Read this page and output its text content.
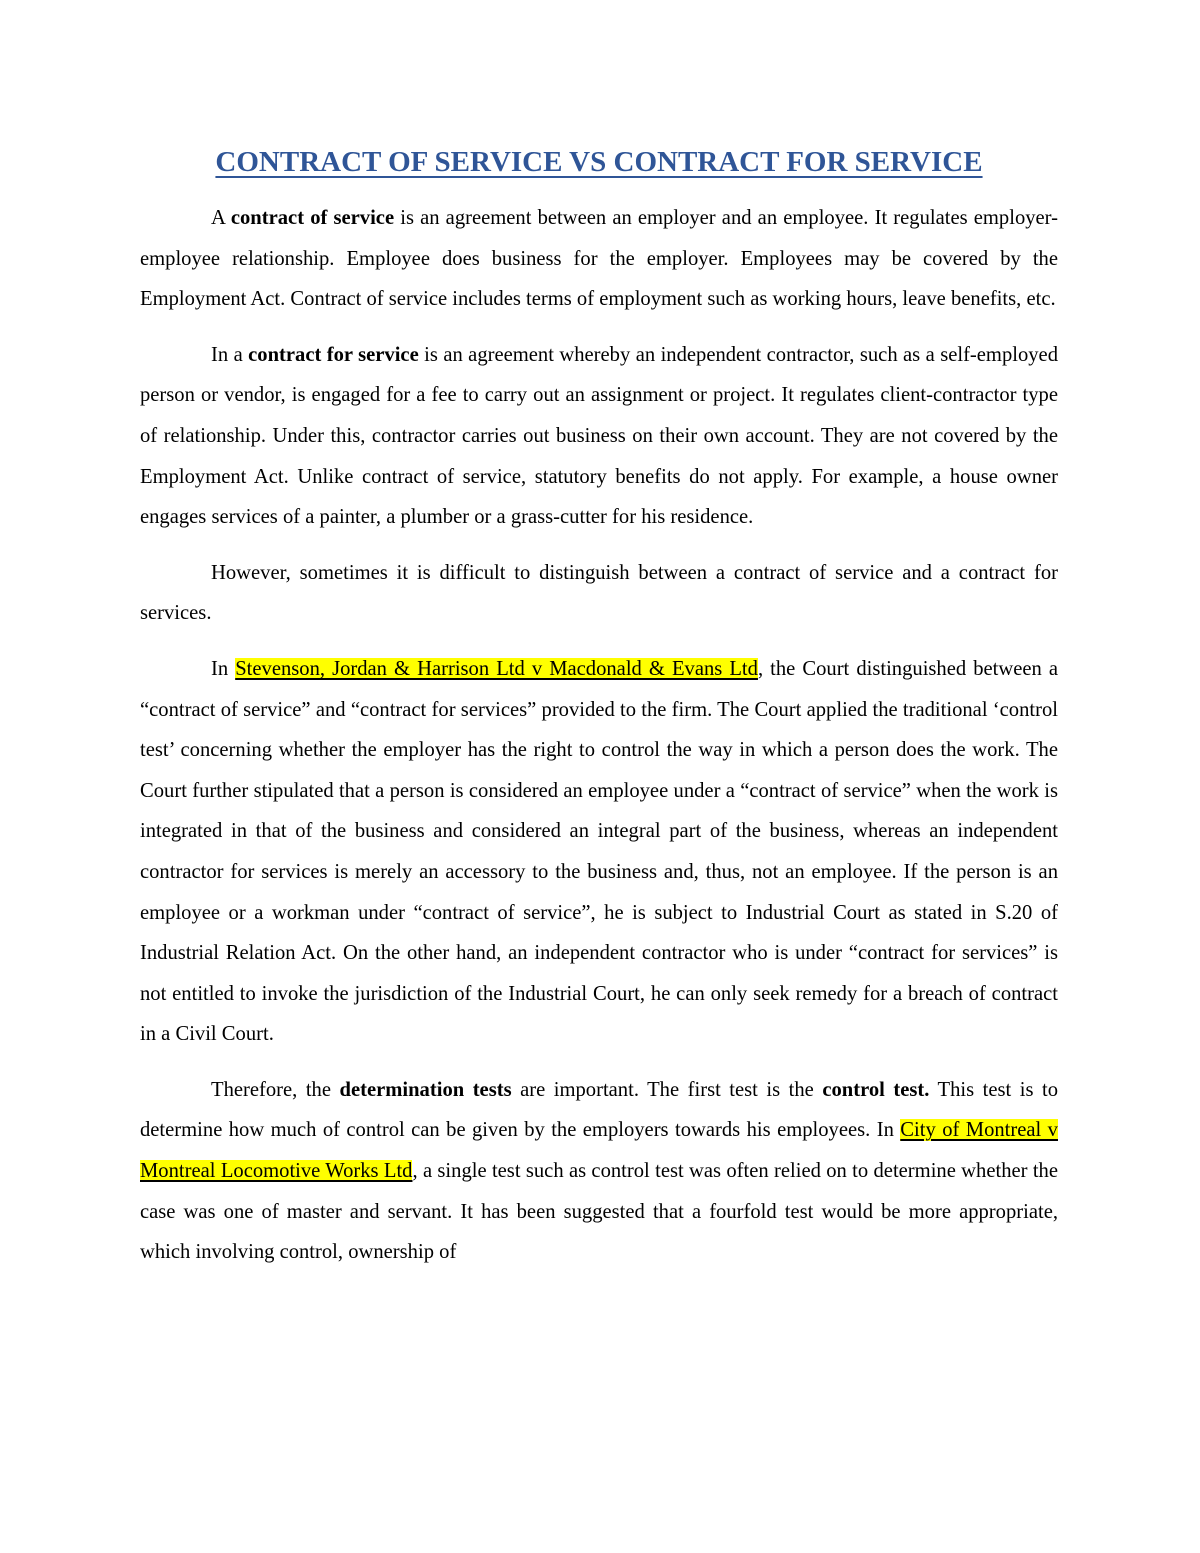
CONTRACT OF SERVICE VS CONTRACT FOR SERVICE

A contract of service is an agreement between an employer and an employee. It regulates employer-employee relationship. Employee does business for the employer. Employees may be covered by the Employment Act. Contract of service includes terms of employment such as working hours, leave benefits, etc.

In a contract for service is an agreement whereby an independent contractor, such as a self-employed person or vendor, is engaged for a fee to carry out an assignment or project. It regulates client-contractor type of relationship. Under this, contractor carries out business on their own account. They are not covered by the Employment Act. Unlike contract of service, statutory benefits do not apply. For example, a house owner engages services of a painter, a plumber or a grass-cutter for his residence.

However, sometimes it is difficult to distinguish between a contract of service and a contract for services.

In Stevenson, Jordan & Harrison Ltd v Macdonald & Evans Ltd, the Court distinguished between a “contract of service” and “contract for services” provided to the firm. The Court applied the traditional ‘control test’ concerning whether the employer has the right to control the way in which a person does the work. The Court further stipulated that a person is considered an employee under a “contract of service” when the work is integrated in that of the business and considered an integral part of the business, whereas an independent contractor for services is merely an accessory to the business and, thus, not an employee. If the person is an employee or a workman under “contract of service”, he is subject to Industrial Court as stated in S.20 of Industrial Relation Act. On the other hand, an independent contractor who is under “contract for services” is not entitled to invoke the jurisdiction of the Industrial Court, he can only seek remedy for a breach of contract in a Civil Court.

Therefore, the determination tests are important. The first test is the control test. This test is to determine how much of control can be given by the employers towards his employees. In City of Montreal v Montreal Locomotive Works Ltd, a single test such as control test was often relied on to determine whether the case was one of master and servant. It has been suggested that a fourfold test would be more appropriate, which involving control, ownership of
